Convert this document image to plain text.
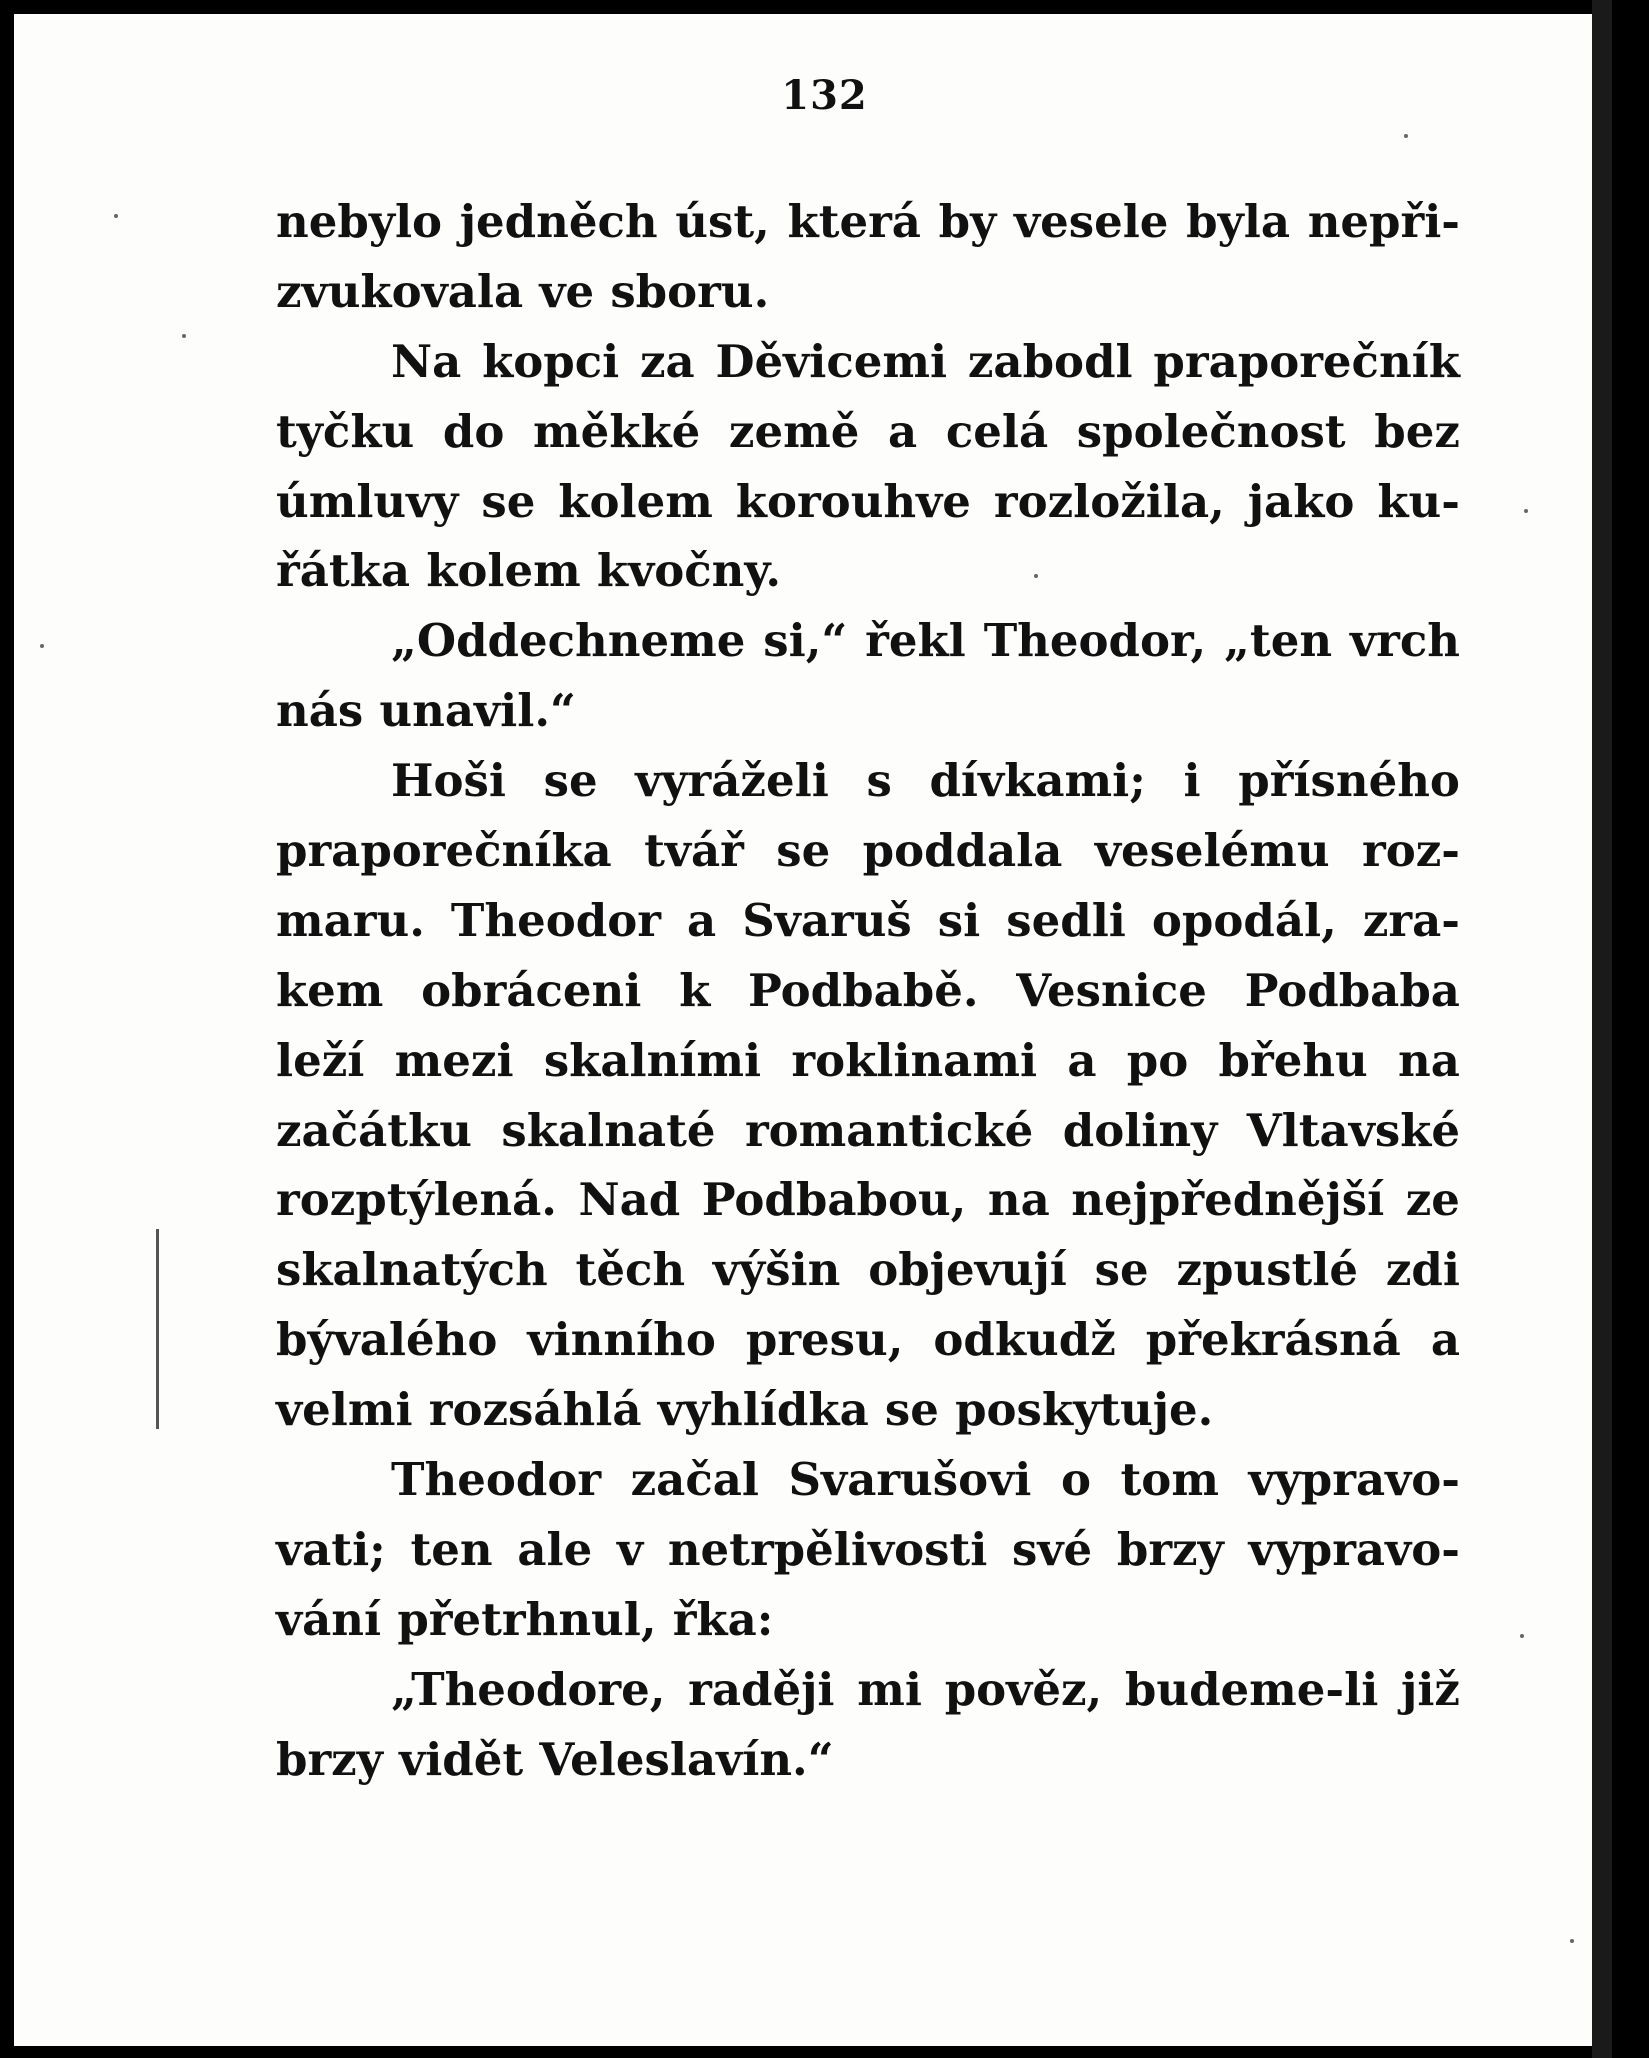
132
nebylo jedněch úst, která by vesele byla nepři-
zvukovala ve sboru.
Na kopci za Děvicemi zabodl praporečník
tyčku do měkké země a celá společnost bez
úmluvy se kolem korouhve rozložila, jako ku-
řátka kolem kvočny.
„Oddechneme si,“ řekl Theodor, „ten vrch
nás unavil.“
Hoši se vyráželi s dívkami; i přísného
praporečníka tvář se poddala veselému roz-
maru. Theodor a Svaruš si sedli opodál, zra-
kem obráceni k Podbabě. Vesnice Podbaba
leží mezi skalními roklinami a po břehu na
začátku skalnaté romantické doliny Vltavské
rozptýlená. Nad Podbabou, na nejpřednější ze
skalnatých těch výšin objevují se zpustlé zdi
bývalého vinního presu, odkudž překrásná a
velmi rozsáhlá vyhlídka se poskytuje.
Theodor začal Svarušovi o tom vypravo-
vati; ten ale v netrpělivosti své brzy vypravo-
vání přetrhnul, řka:
„Theodore, raději mi pověz, budeme-li již
brzy vidět Veleslavín.“
